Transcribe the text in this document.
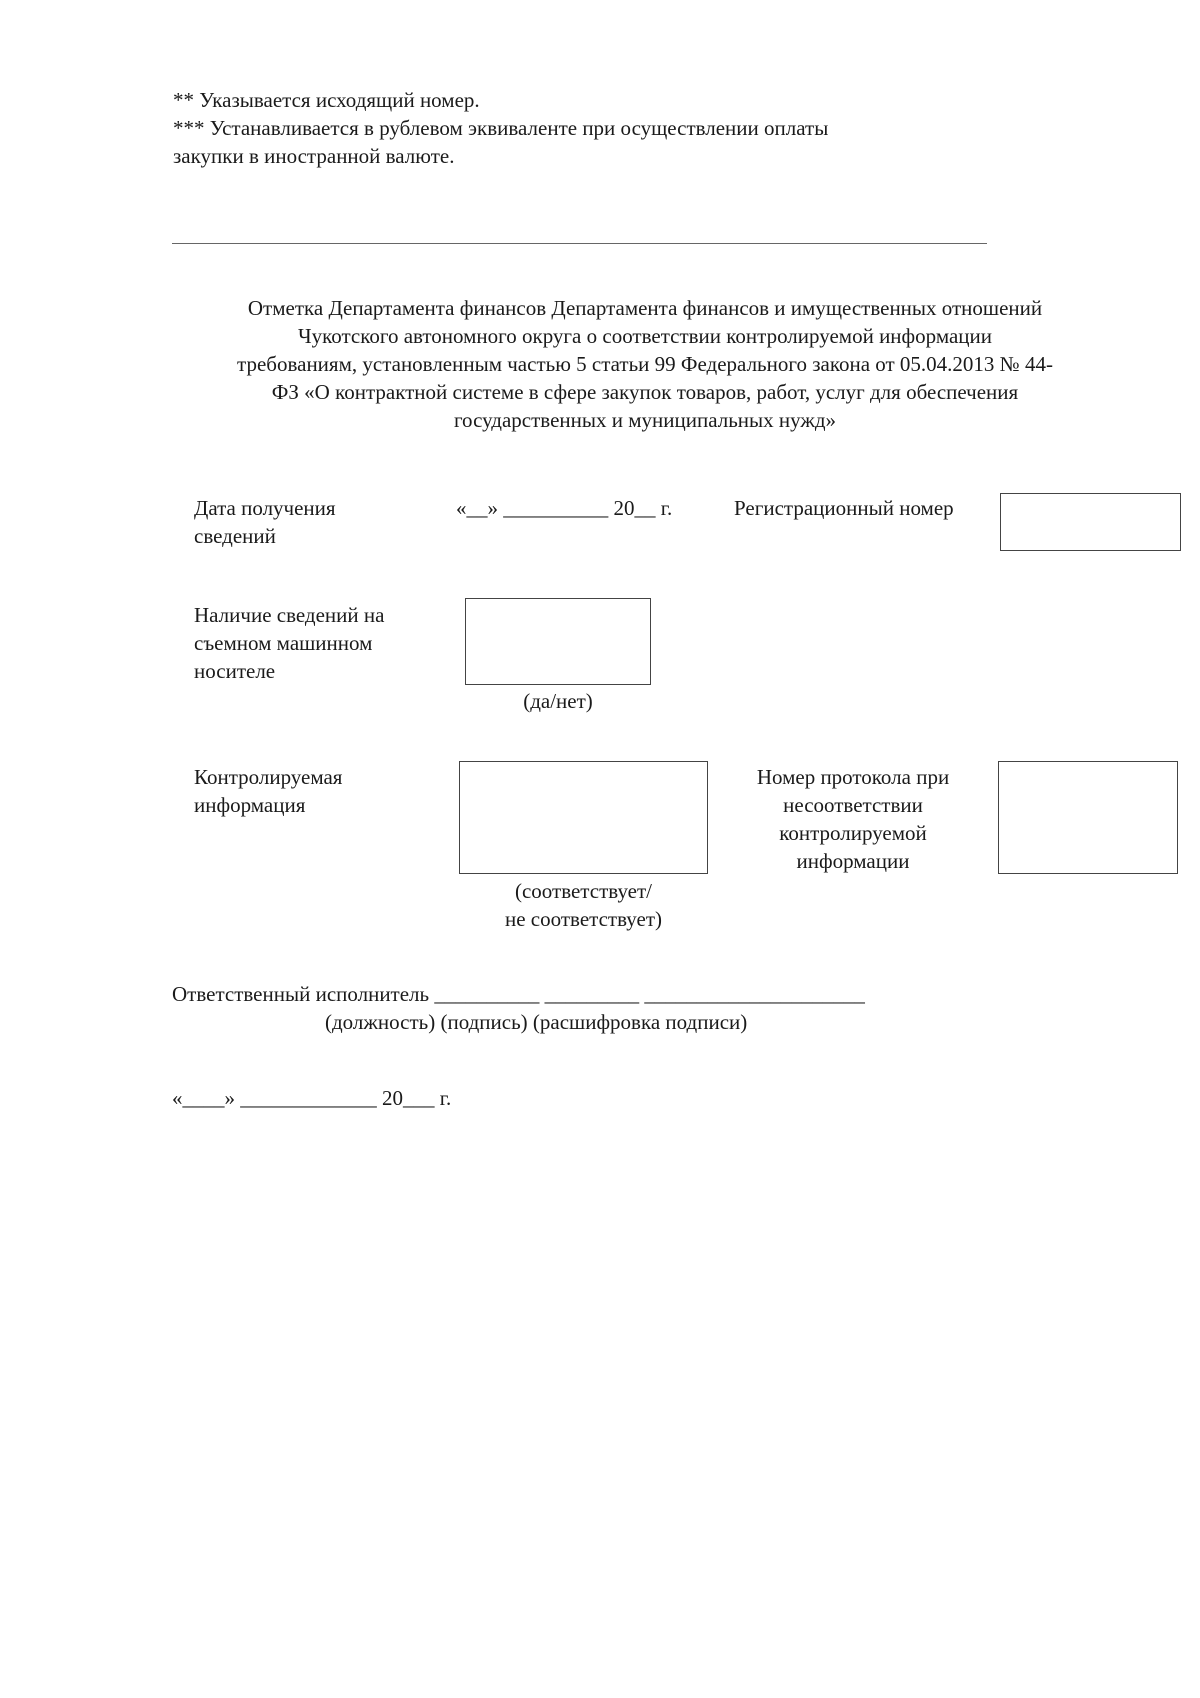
** Указывается исходящий номер.
*** Устанавливается в рублевом эквиваленте при осуществлении оплаты
закупки в иностранной валюте.
Отметка Департамента финансов Департамента финансов и имущественных отношений
Чукотского автономного округа о соответствии контролируемой информации
требованиям, установленным частью 5 статьи 99 Федерального закона от 05.04.2013 № 44-
ФЗ «О контрактной системе в сфере закупок товаров, работ, услуг для обеспечения
государственных и муниципальных нужд»
Дата получения
сведений
«__» __________ 20__ г.	Регистрационный номер
Наличие сведений на
съемном машинном
носителе
(да/нет)
Контролируемая
информация
(соответствует/
не соответствует)
Номер протокола при
несоответствии
контролируемой
информации
Ответственный исполнитель __________ _________ _____________________
(должность) (подпись) (расшифровка подписи)
«____» _____________ 20___ г.
